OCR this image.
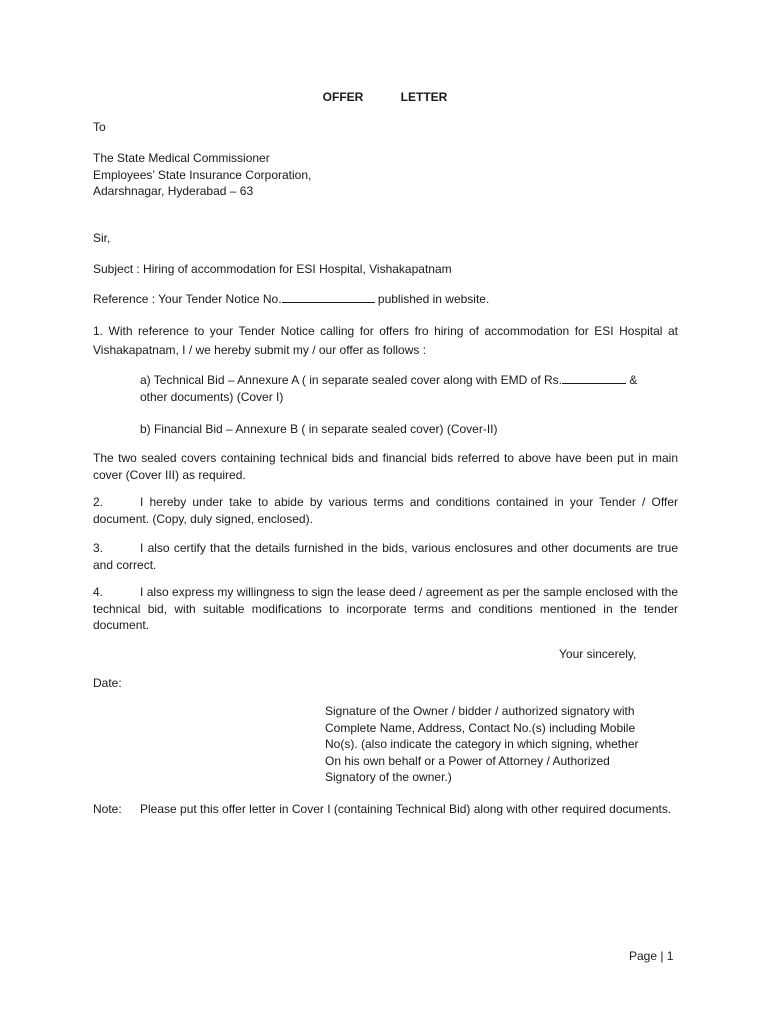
OFFER    LETTER
To
The State Medical Commissioner
Employees’ State Insurance Corporation,
Adarshnagar, Hyderabad – 63
Sir,
Subject : Hiring of accommodation for ESI Hospital, Vishakapatnam
Reference : Your Tender Notice No.	published in website.
1. With reference to your Tender Notice calling for offers fro hiring of accommodation for ESI Hospital at Vishakapatnam, I / we hereby submit my / our offer as follows :
a) Technical Bid – Annexure A ( in separate sealed cover along with EMD of Rs.	&
other documents) (Cover I)
b) Financial Bid – Annexure B ( in separate sealed cover) (Cover-II)
The two sealed covers containing technical bids and financial bids referred to above have been put in main cover (Cover III) as required.
2.	I hereby under take to abide by various terms and conditions contained in your Tender / Offer document. (Copy, duly signed, enclosed).
3.	I also certify that the details furnished in the bids, various enclosures and other documents are true and correct.
4.	I also express my willingness to sign the lease deed / agreement as per the sample enclosed with the technical bid, with suitable modifications to incorporate terms and conditions mentioned in the tender document.
Your sincerely,
Date:
Signature of the Owner / bidder / authorized signatory with
Complete Name, Address, Contact No.(s) including Mobile
No(s). (also indicate the category in which signing, whether
On his own behalf or a Power of Attorney / Authorized
Signatory of the owner.)
Note: Please put this offer letter in Cover I (containing Technical Bid) along with other required documents.
Page | 1
